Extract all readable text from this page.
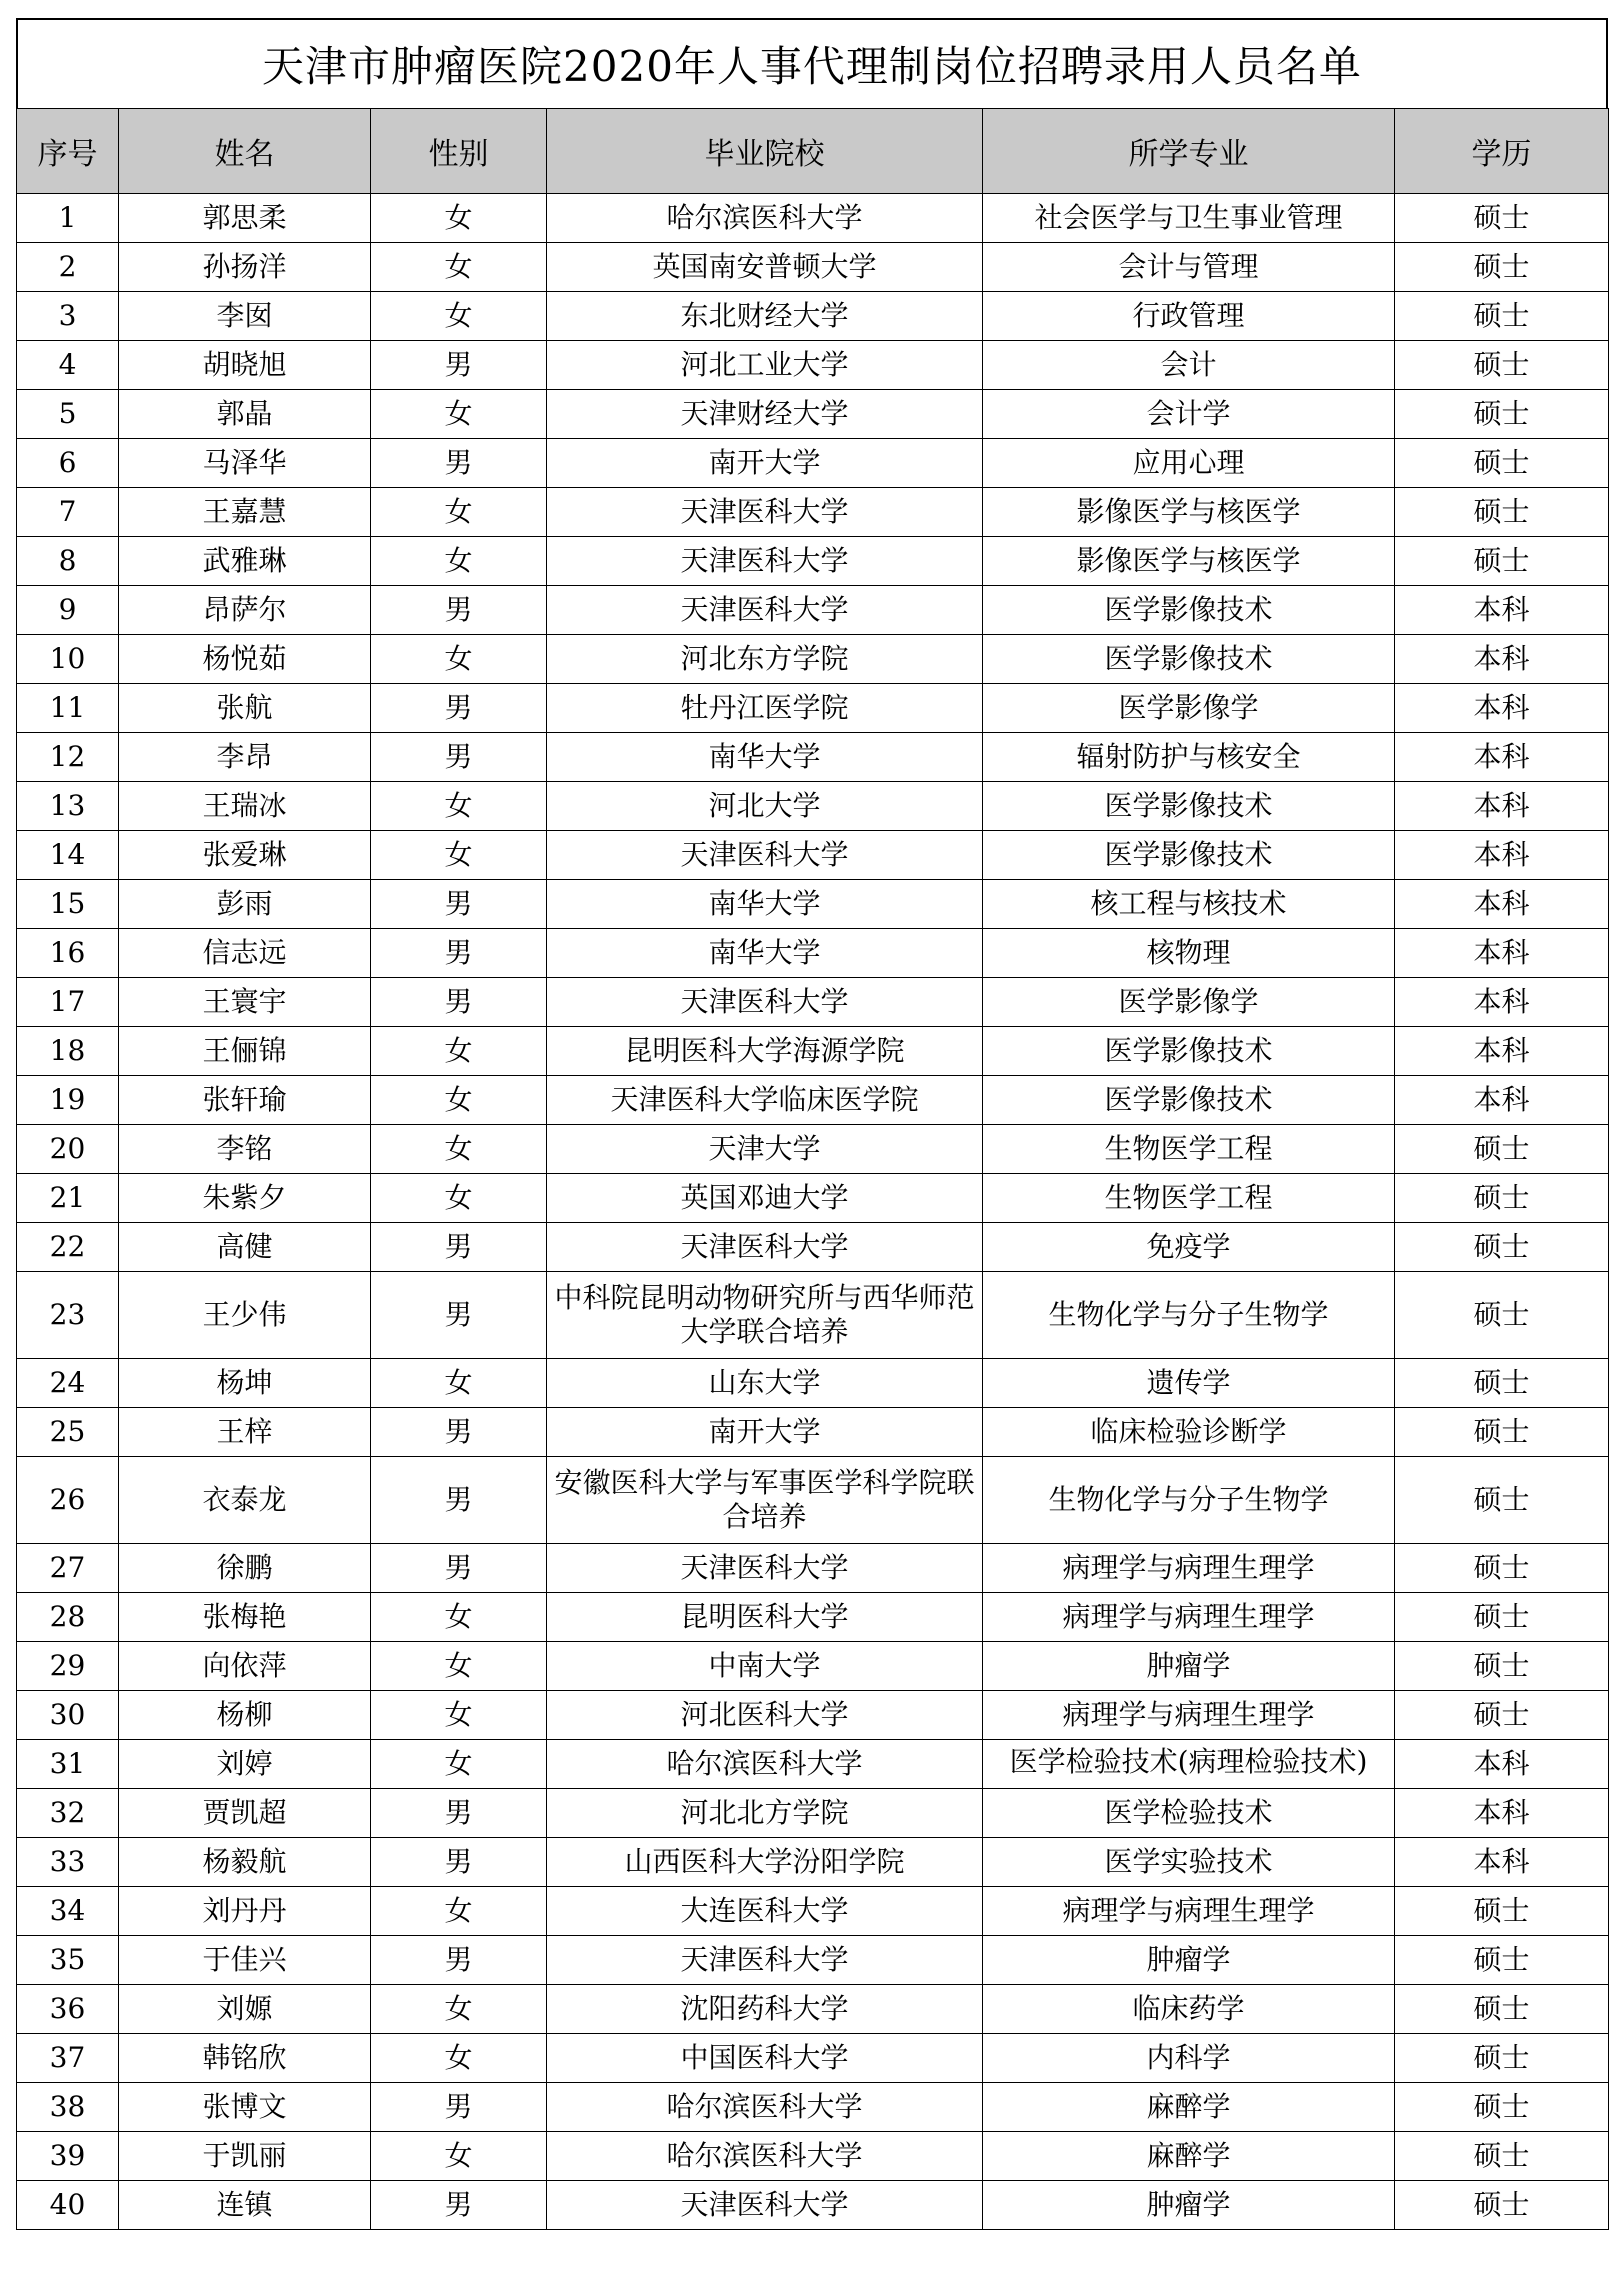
天津市肿瘤医院2020年人事代理制岗位招聘录用人员名单
序号	姓名	性别	毕业院校	所学专业	学历
1	郭思柔	女	哈尔滨医科大学	社会医学与卫生事业管理	硕士
2	孙扬洋	女	英国南安普顿大学	会计与管理	硕士
3	李囡	女	东北财经大学	行政管理	硕士
4	胡晓旭	男	河北工业大学	会计	硕士
5	郭晶	女	天津财经大学	会计学	硕士
6	马泽华	男	南开大学	应用心理	硕士
7	王嘉慧	女	天津医科大学	影像医学与核医学	硕士
8	武雅琳	女	天津医科大学	影像医学与核医学	硕士
9	昂萨尔	男	天津医科大学	医学影像技术	本科
10	杨悦茹	女	河北东方学院	医学影像技术	本科
11	张航	男	牡丹江医学院	医学影像学	本科
12	李昂	男	南华大学	辐射防护与核安全	本科
13	王瑞冰	女	河北大学	医学影像技术	本科
14	张爱琳	女	天津医科大学	医学影像技术	本科
15	彭雨	男	南华大学	核工程与核技术	本科
16	信志远	男	南华大学	核物理	本科
17	王寰宇	男	天津医科大学	医学影像学	本科
18	王俪锦	女	昆明医科大学海源学院	医学影像技术	本科
19	张轩瑜	女	天津医科大学临床医学院	医学影像技术	本科
20	李铭	女	天津大学	生物医学工程	硕士
21	朱紫夕	女	英国邓迪大学	生物医学工程	硕士
22	高健	男	天津医科大学	免疫学	硕士
23	王少伟	男	中科院昆明动物研究所与西华师范大学联合培养	生物化学与分子生物学	硕士
24	杨坤	女	山东大学	遗传学	硕士
25	王梓	男	南开大学	临床检验诊断学	硕士
26	衣泰龙	男	安徽医科大学与军事医学科学院联合培养	生物化学与分子生物学	硕士
27	徐鹏	男	天津医科大学	病理学与病理生理学	硕士
28	张梅艳	女	昆明医科大学	病理学与病理生理学	硕士
29	向依萍	女	中南大学	肿瘤学	硕士
30	杨柳	女	河北医科大学	病理学与病理生理学	硕士
31	刘婷	女	哈尔滨医科大学	医学检验技术(病理检验技术)	本科
32	贾凯超	男	河北北方学院	医学检验技术	本科
33	杨毅航	男	山西医科大学汾阳学院	医学实验技术	本科
34	刘丹丹	女	大连医科大学	病理学与病理生理学	硕士
35	于佳兴	男	天津医科大学	肿瘤学	硕士
36	刘嫄	女	沈阳药科大学	临床药学	硕士
37	韩铭欣	女	中国医科大学	内科学	硕士
38	张博文	男	哈尔滨医科大学	麻醉学	硕士
39	于凯丽	女	哈尔滨医科大学	麻醉学	硕士
40	连镇	男	天津医科大学	肿瘤学	硕士
